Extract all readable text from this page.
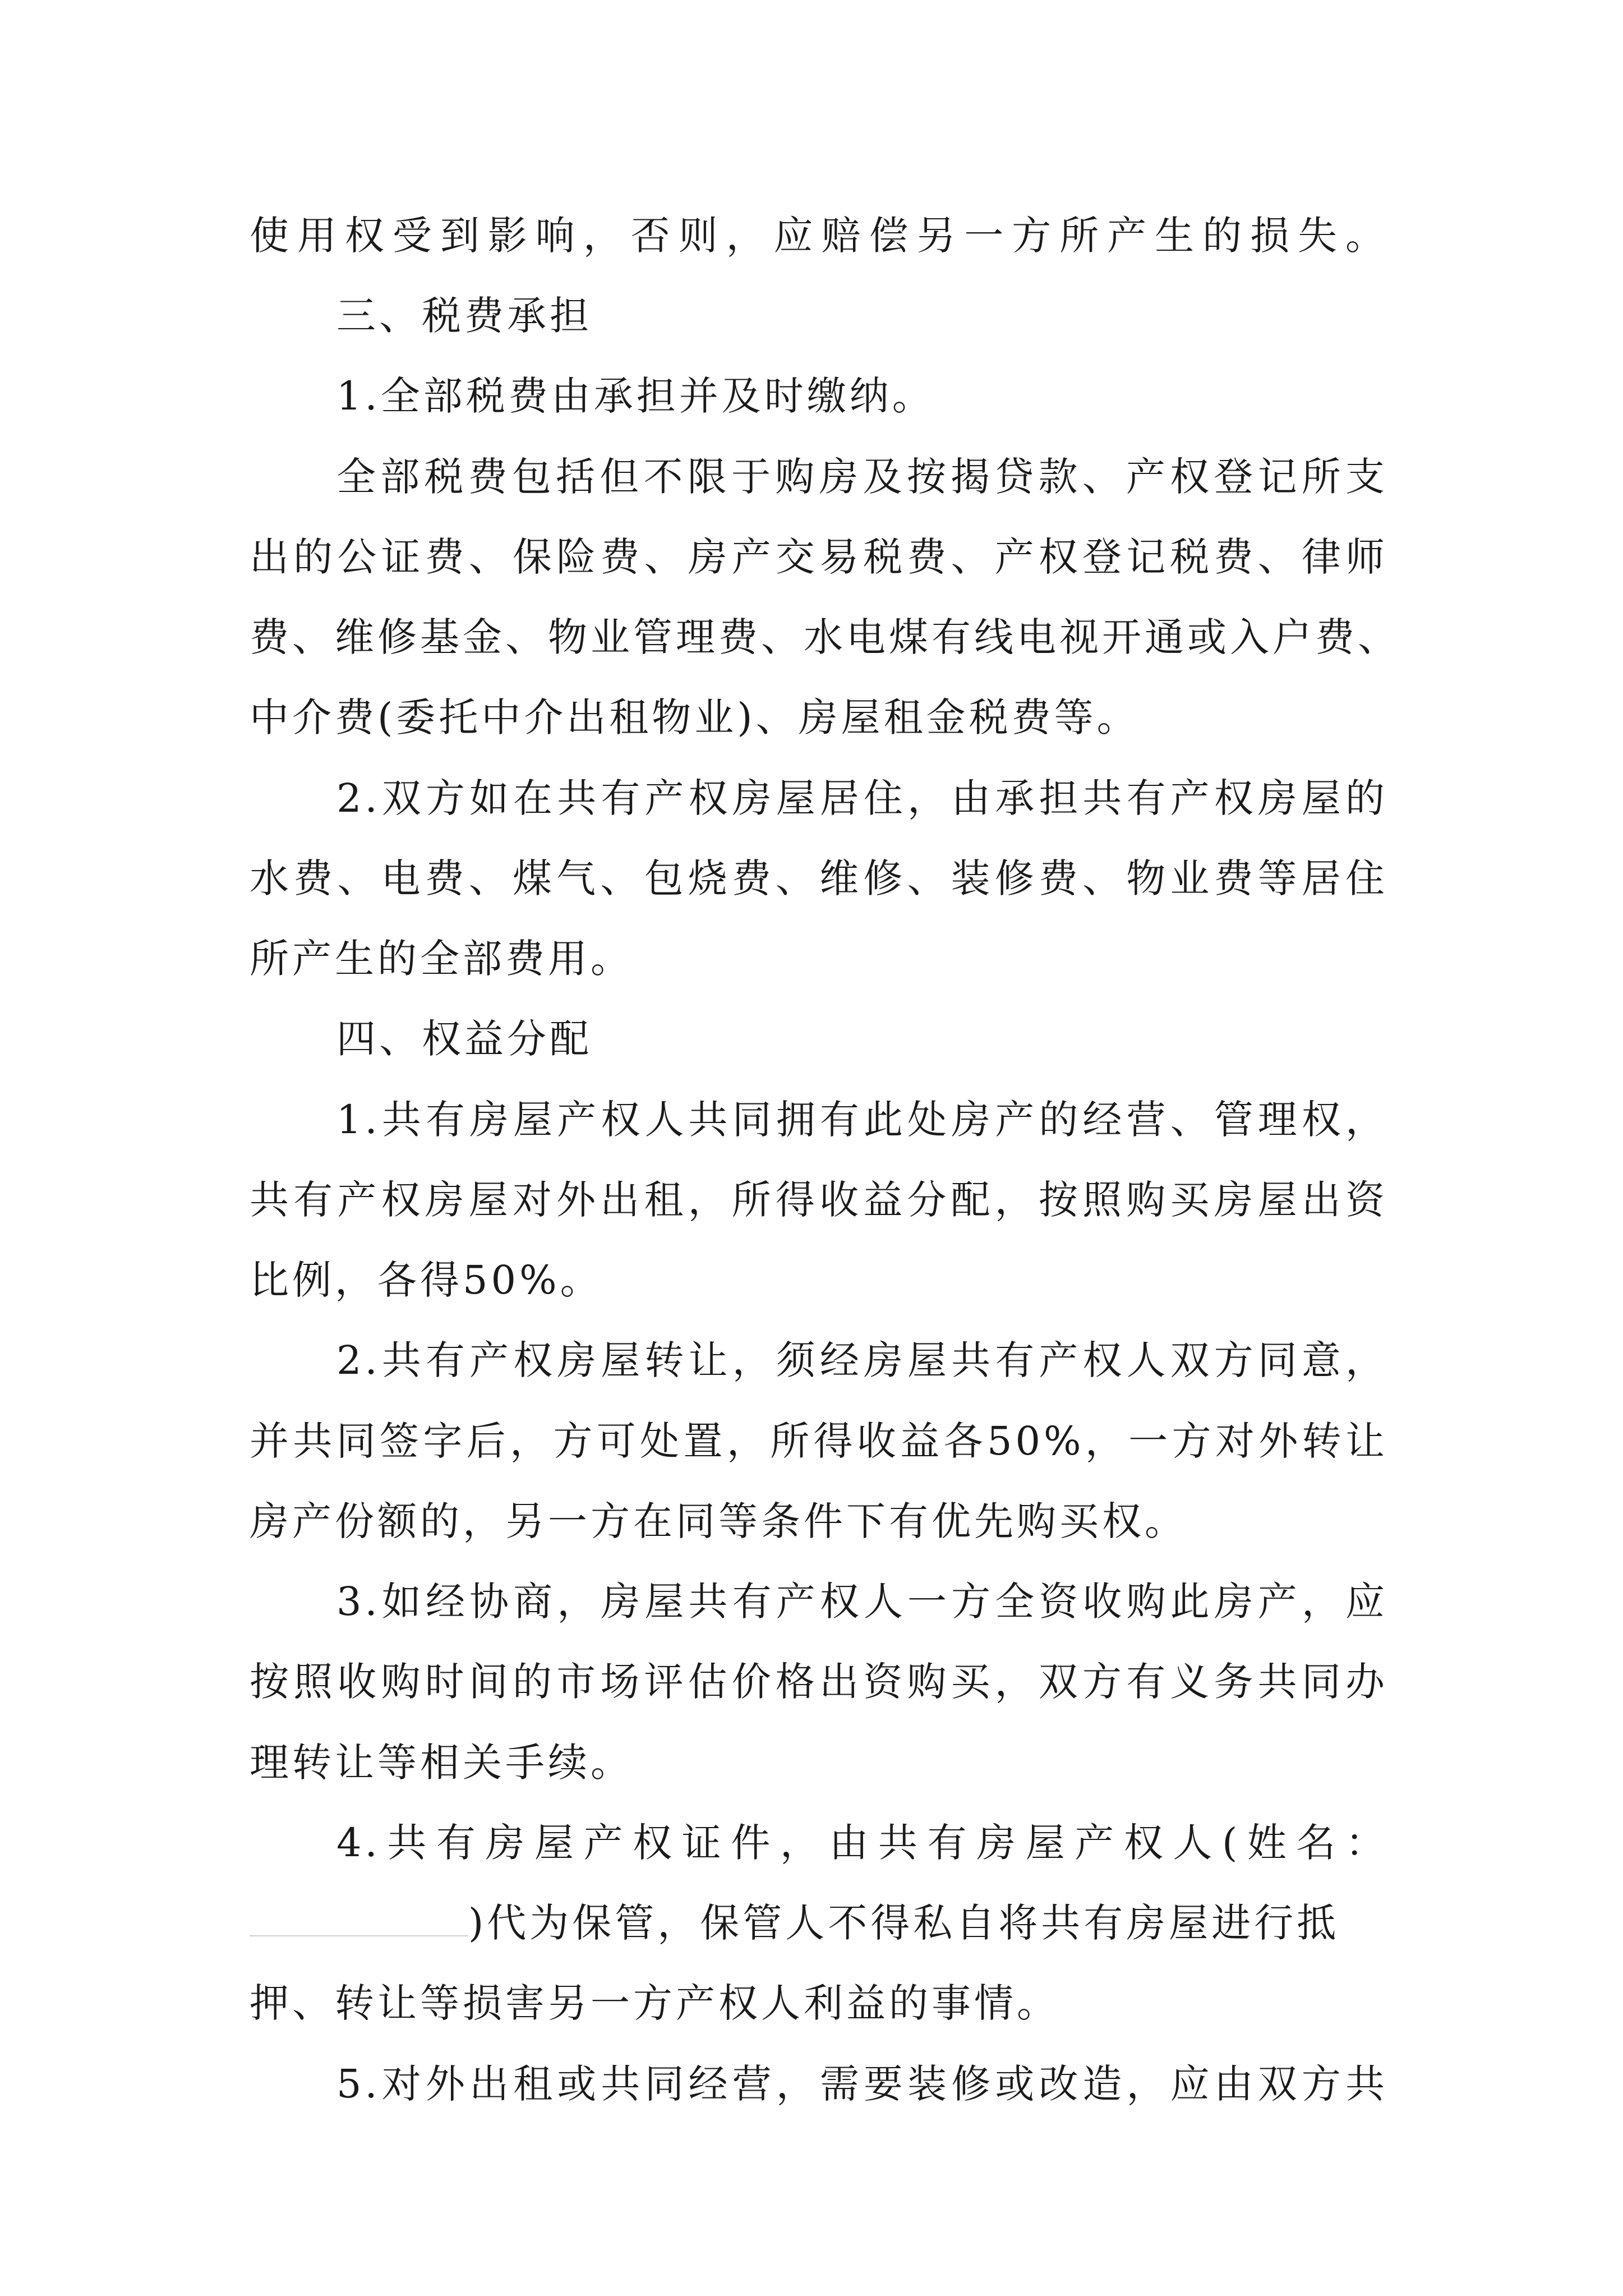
使用权受到影响，否则，应赔偿另一方所产生的损失。
三、税费承担
1.全部税费由承担并及时缴纳。
全部税费包括但不限于购房及按揭贷款、产权登记所支
出的公证费、保险费、房产交易税费、产权登记税费、律师
费、维修基金、物业管理费、水电煤有线电视开通或入户费、
中介费(委托中介出租物业)、房屋租金税费等。
2.双方如在共有产权房屋居住，由承担共有产权房屋的
水费、电费、煤气、包烧费、维修、装修费、物业费等居住
所产生的全部费用。
四、权益分配
1.共有房屋产权人共同拥有此处房产的经营、管理权，
共有产权房屋对外出租，所得收益分配，按照购买房屋出资
比例，各得50%。
2.共有产权房屋转让，须经房屋共有产权人双方同意，
并共同签字后，方可处置，所得收益各50%，一方对外转让
房产份额的，另一方在同等条件下有优先购买权。
3.如经协商，房屋共有产权人一方全资收购此房产，应
按照收购时间的市场评估价格出资购买，双方有义务共同办
理转让等相关手续。
4.共有房屋产权证件，由共有房屋产权人(姓名：
)代为保管，保管人不得私自将共有房屋进行抵
押、转让等损害另一方产权人利益的事情。
5.对外出租或共同经营，需要装修或改造，应由双方共
